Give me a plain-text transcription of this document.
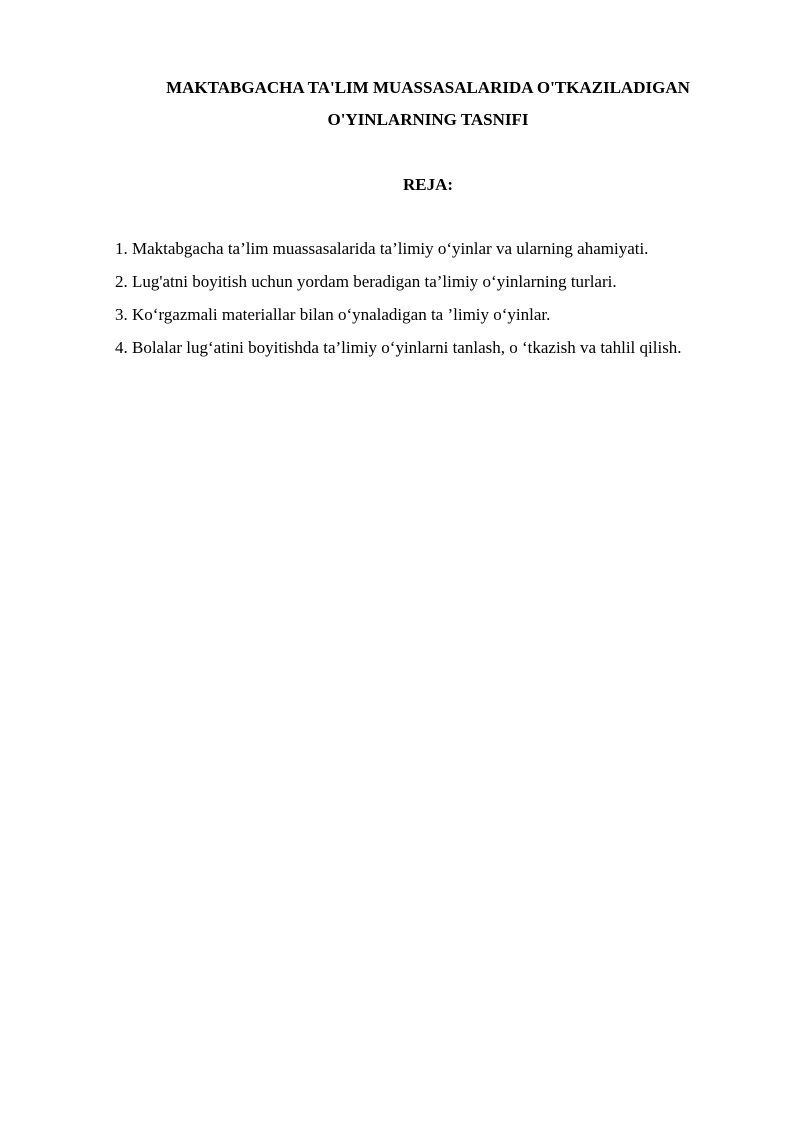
MAKTABGACHA TA'LIM MUASSASALARIDA O'TKAZILADIGAN
O'YINLARNING TASNIFI
REJA:
1. Maktabgacha ta’lim muassasalarida ta’limiy o‘yinlar va ularning ahamiyati.
2. Lug'atni boyitish uchun yordam beradigan ta’limiy o‘yinlarning turlari.
3. Ko‘rgazmali materiallar bilan o‘ynaladigan ta ’limiy o‘yinlar.
4. Bolalar lug‘atini boyitishda ta’limiy o‘yinlarni tanlash, o ‘tkazish va tahlil qilish.
